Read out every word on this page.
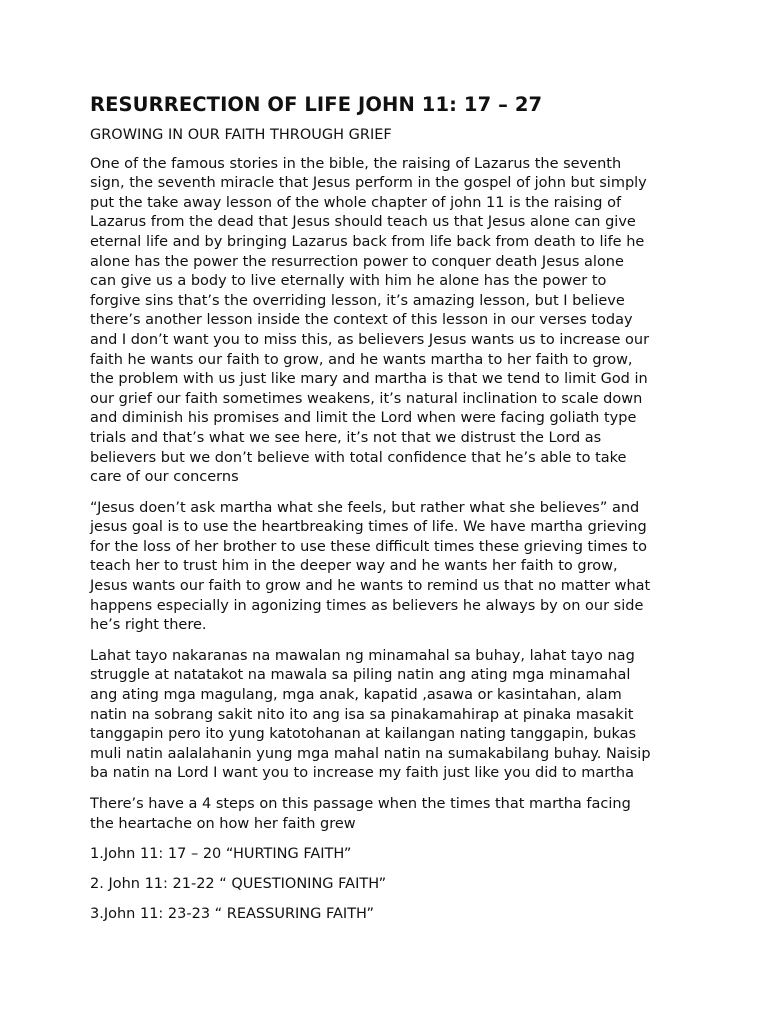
RESURRECTION OF LIFE JOHN 11: 17 – 27
GROWING IN OUR FAITH THROUGH GRIEF

One of the famous stories in the bible, the raising of Lazarus the seventh
sign, the seventh miracle that Jesus perform in the gospel of john but simply
put the take away lesson of the whole chapter of john 11 is the raising of
Lazarus from the dead that Jesus should teach us that Jesus alone can give
eternal life and by bringing Lazarus back from life back from death to life he
alone has the power the resurrection power to conquer death Jesus alone
can give us a body to live eternally with him he alone has the power to
forgive sins that’s the overriding lesson, it’s amazing lesson, but I believe
there’s another lesson inside the context of this lesson in our verses today
and I don’t want you to miss this, as believers Jesus wants us to increase our
faith he wants our faith to grow, and he wants martha to her faith to grow,
the problem with us just like mary and martha is that we tend to limit God in
our grief our faith sometimes weakens, it’s natural inclination to scale down
and diminish his promises and limit the Lord when were facing goliath type
trials and that’s what we see here, it’s not that we distrust the Lord as
believers but we don’t believe with total confidence that he’s able to take
care of our concerns

“Jesus doen’t ask martha what she feels, but rather what she believes” and
jesus goal is to use the heartbreaking times of life. We have martha grieving
for the loss of her brother to use these difficult times these grieving times to
teach her to trust him in the deeper way and he wants her faith to grow,
Jesus wants our faith to grow and he wants to remind us that no matter what
happens especially in agonizing times as believers he always by on our side
he’s right there.

Lahat tayo nakaranas na mawalan ng minamahal sa buhay, lahat tayo nag
struggle at natatakot na mawala sa piling natin ang ating mga minamahal
ang ating mga magulang, mga anak, kapatid ,asawa or kasintahan, alam
natin na sobrang sakit nito ito ang isa sa pinakamahirap at pinaka masakit
tanggapin pero ito yung katotohanan at kailangan nating tanggapin, bukas
muli natin aalalahanin yung mga mahal natin na sumakabilang buhay. Naisip
ba natin na Lord I want you to increase my faith just like you did to martha

There’s have a 4 steps on this passage when the times that martha facing
the heartache on how her faith grew

1.John 11: 17 – 20 “HURTING FAITH”

2. John 11: 21-22 “ QUESTIONING FAITH”

3.John 11: 23-23 “ REASSURING FAITH”
